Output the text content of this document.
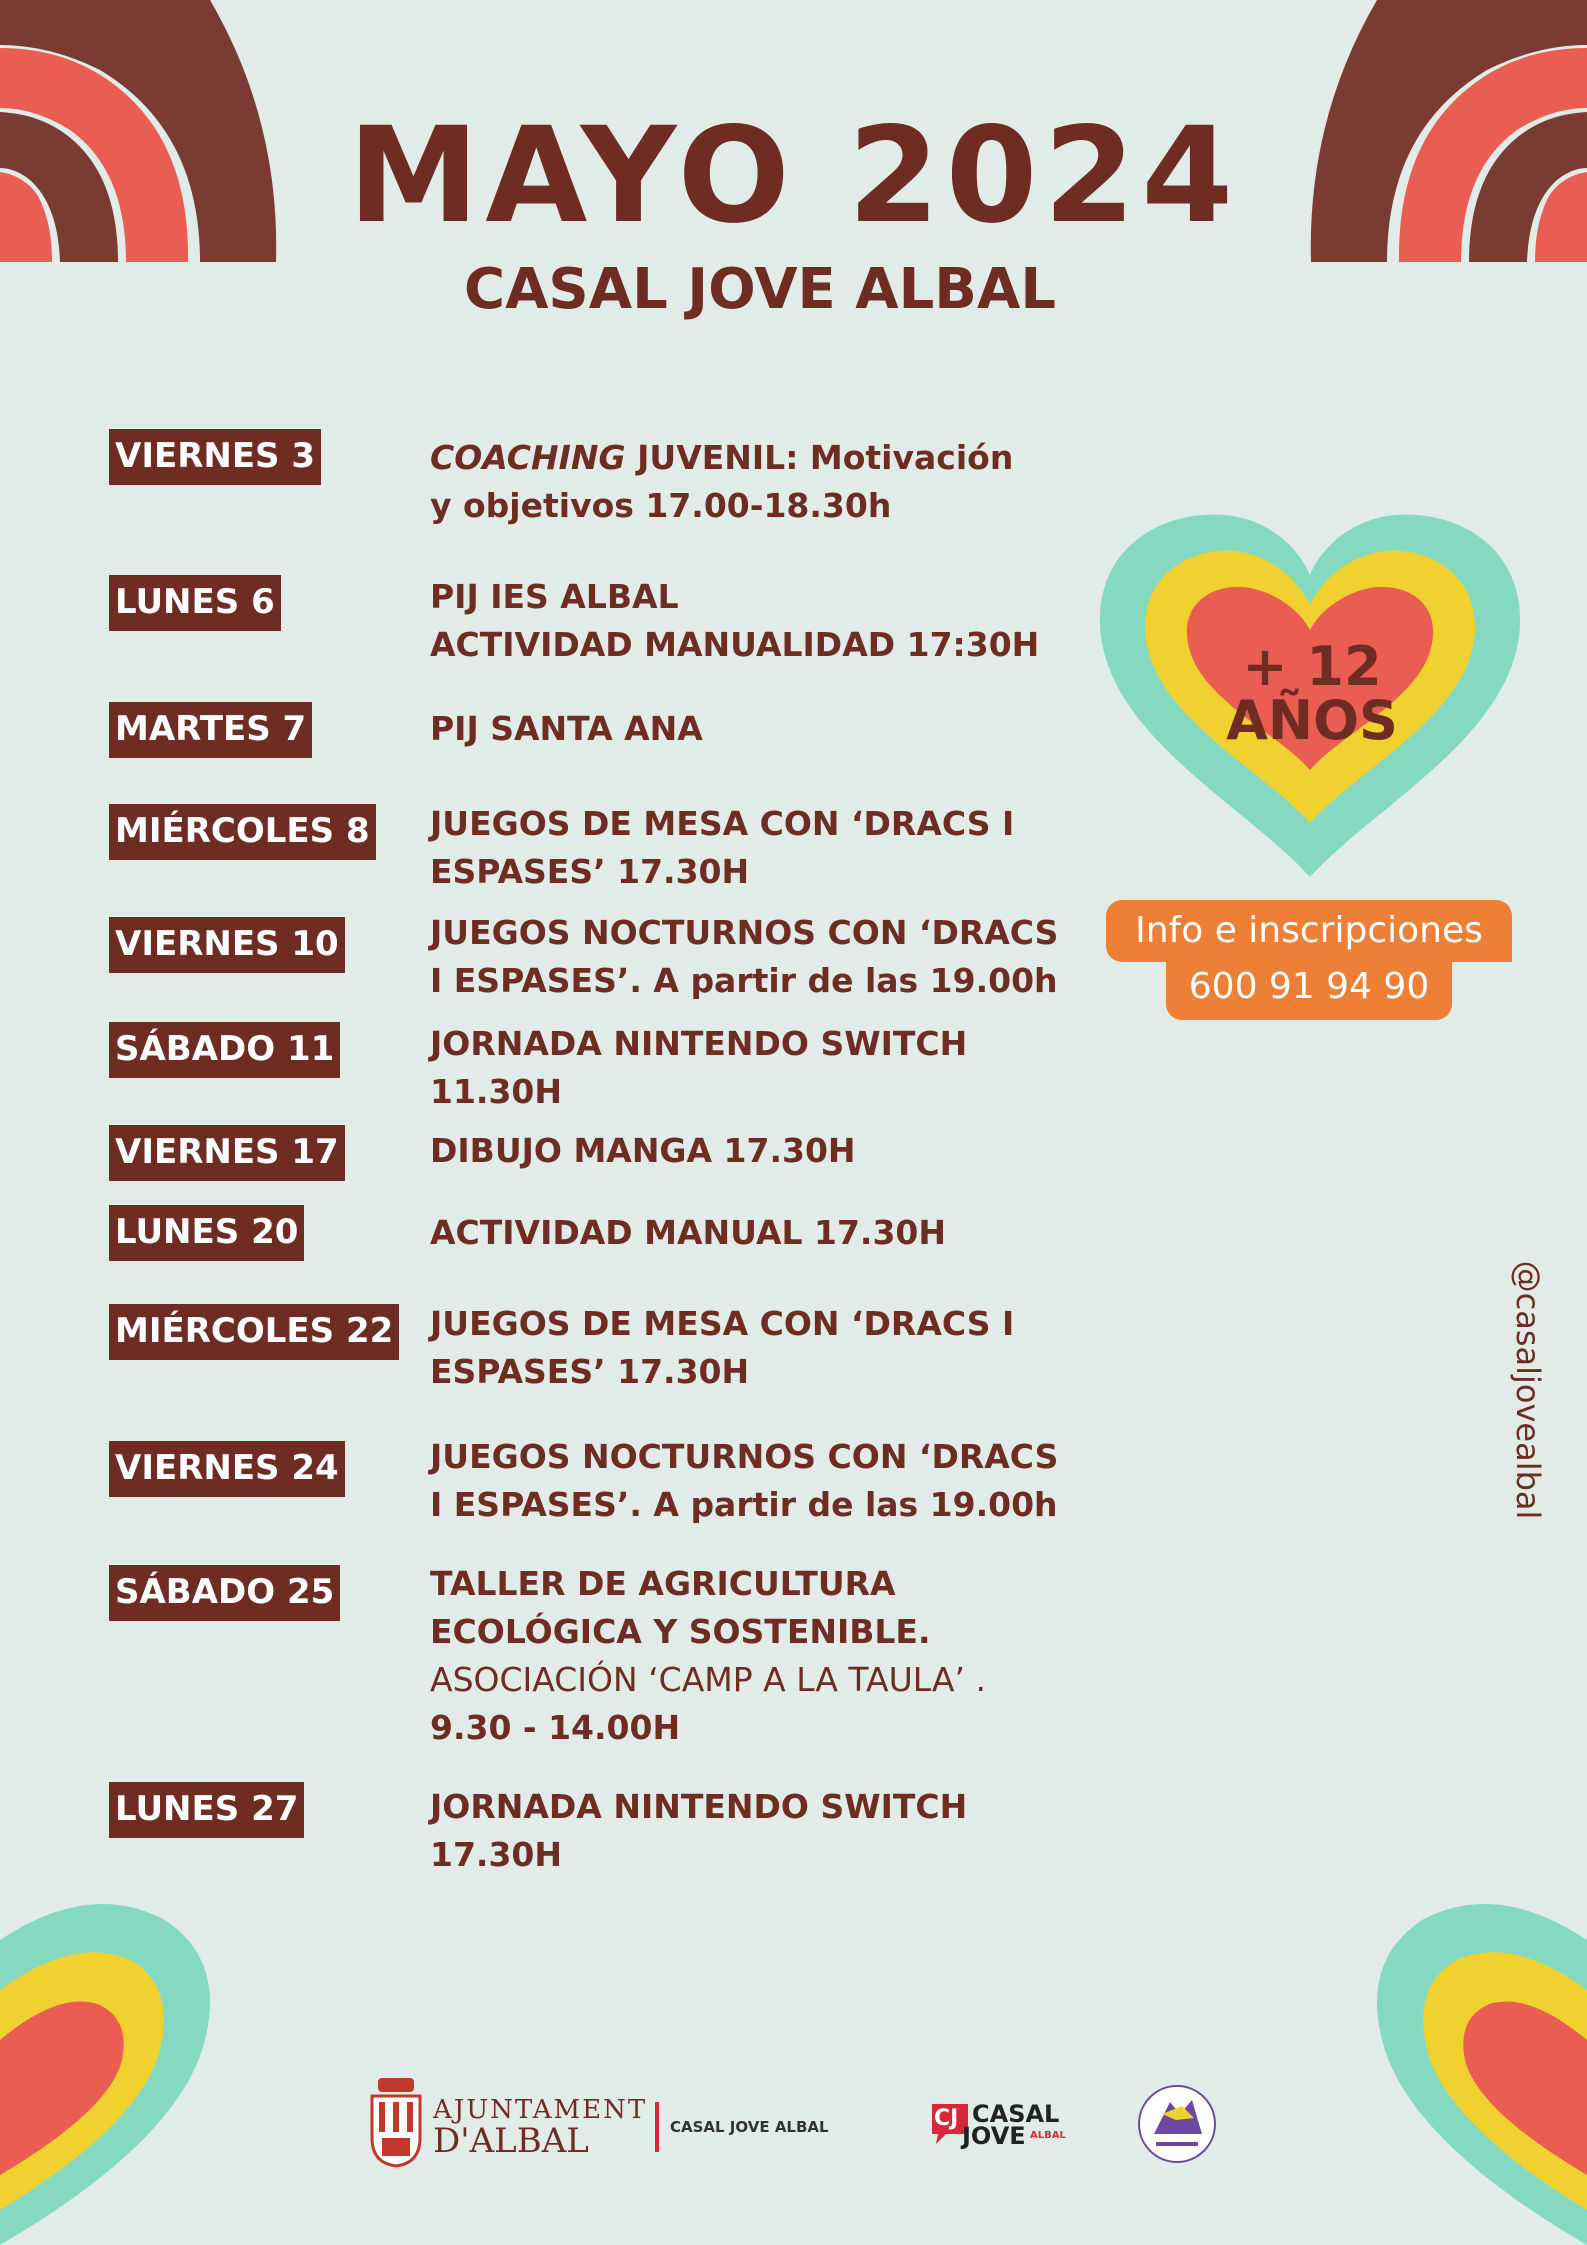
MAYO 2024
CASAL JOVE ALBAL
VIERNES 3	COACHING JUVENIL: Motivación
y objetivos 17.00-18.30h
LUNES 6	PIJ IES ALBAL
ACTIVIDAD MANUALIDAD 17:30H
MARTES 7	PIJ SANTA ANA
MIÉRCOLES 8 JUEGOS DE MESA CON ‘DRACS I
ESPASES’ 17.30H
VIERNES 10	JUEGOS NOCTURNOS CON ‘DRACS
I ESPASES’. A partir de las 19.00h
SÁBADO 11	JORNADA NINTENDO SWITCH
11.30H
VIERNES 17	DIBUJO MANGA 17.30H
LUNES 20	ACTIVIDAD MANUAL 17.30H
MIÉRCOLES 22 JUEGOS DE MESA CON ‘DRACS I
ESPASES’ 17.30H
VIERNES 24	JUEGOS NOCTURNOS CON ‘DRACS
I ESPASES’. A partir de las 19.00h
SÁBADO 25	TALLER DE AGRICULTURA
ECOLÓGICA Y SOSTENIBLE.
ASOCIACIÓN ‘CAMP A LA TAULA’ .
9.30 - 14.00H
LUNES 27	JORNADA NINTENDO SWITCH
17.30H
+ 12 AÑOS
Info e inscripciones
600 91 94 90
@casaljovealbal
AJUNTAMENT
D'ALBAL	CASAL JOVE ALBAL	CJ CASAL
JOVE ALBAL
